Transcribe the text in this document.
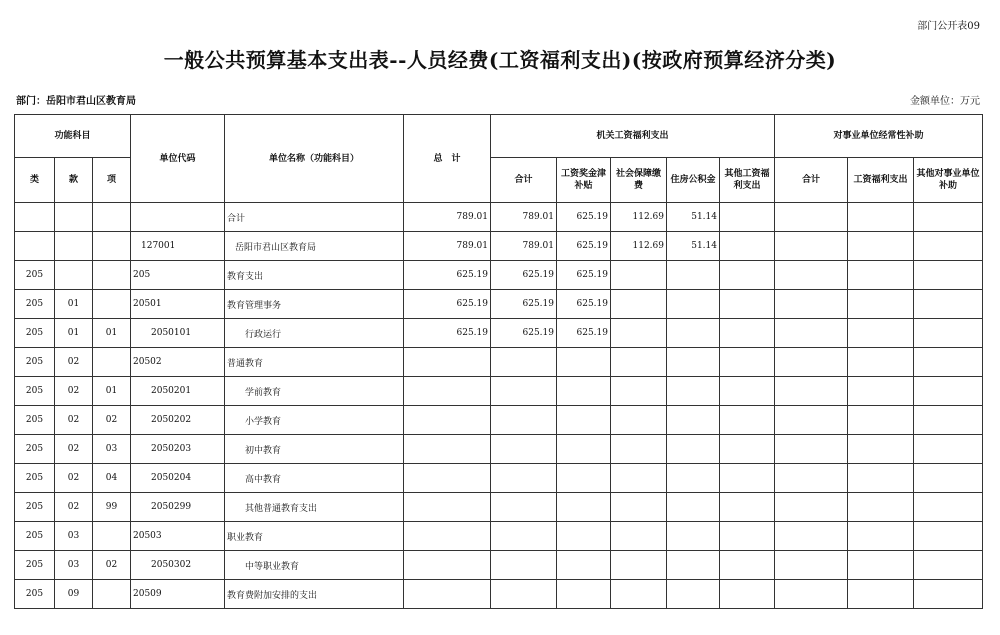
部门公开表09
一般公共预算基本支出表--人员经费(工资福利支出)(按政府预算经济分类)
部门：岳阳市君山区教育局	金额单位：万元
功能科目			单位代码	单位名称（功能科目）	总　计	机关工资福利支出					对事业单位经常性补助		
类	款	项				合计	工资奖金津补贴	社会保障缴费	住房公积金	其他工资福利支出	合计	工资福利支出	其他对事业单位补助
				合计	789.01	789.01	625.19	112.69	51.14				
			127001	岳阳市君山区教育局	789.01	789.01	625.19	112.69	51.14				
205			205	教育支出	625.19	625.19	625.19						
205	01		20501	教育管理事务	625.19	625.19	625.19						
205	01	01	2050101	行政运行	625.19	625.19	625.19						
205	02		20502	普通教育									
205	02	01	2050201	学前教育									
205	02	02	2050202	小学教育									
205	02	03	2050203	初中教育									
205	02	04	2050204	高中教育									
205	02	99	2050299	其他普通教育支出									
205	03		20503	职业教育									
205	03	02	2050302	中等职业教育									
205	09		20509	教育费附加安排的支出									
